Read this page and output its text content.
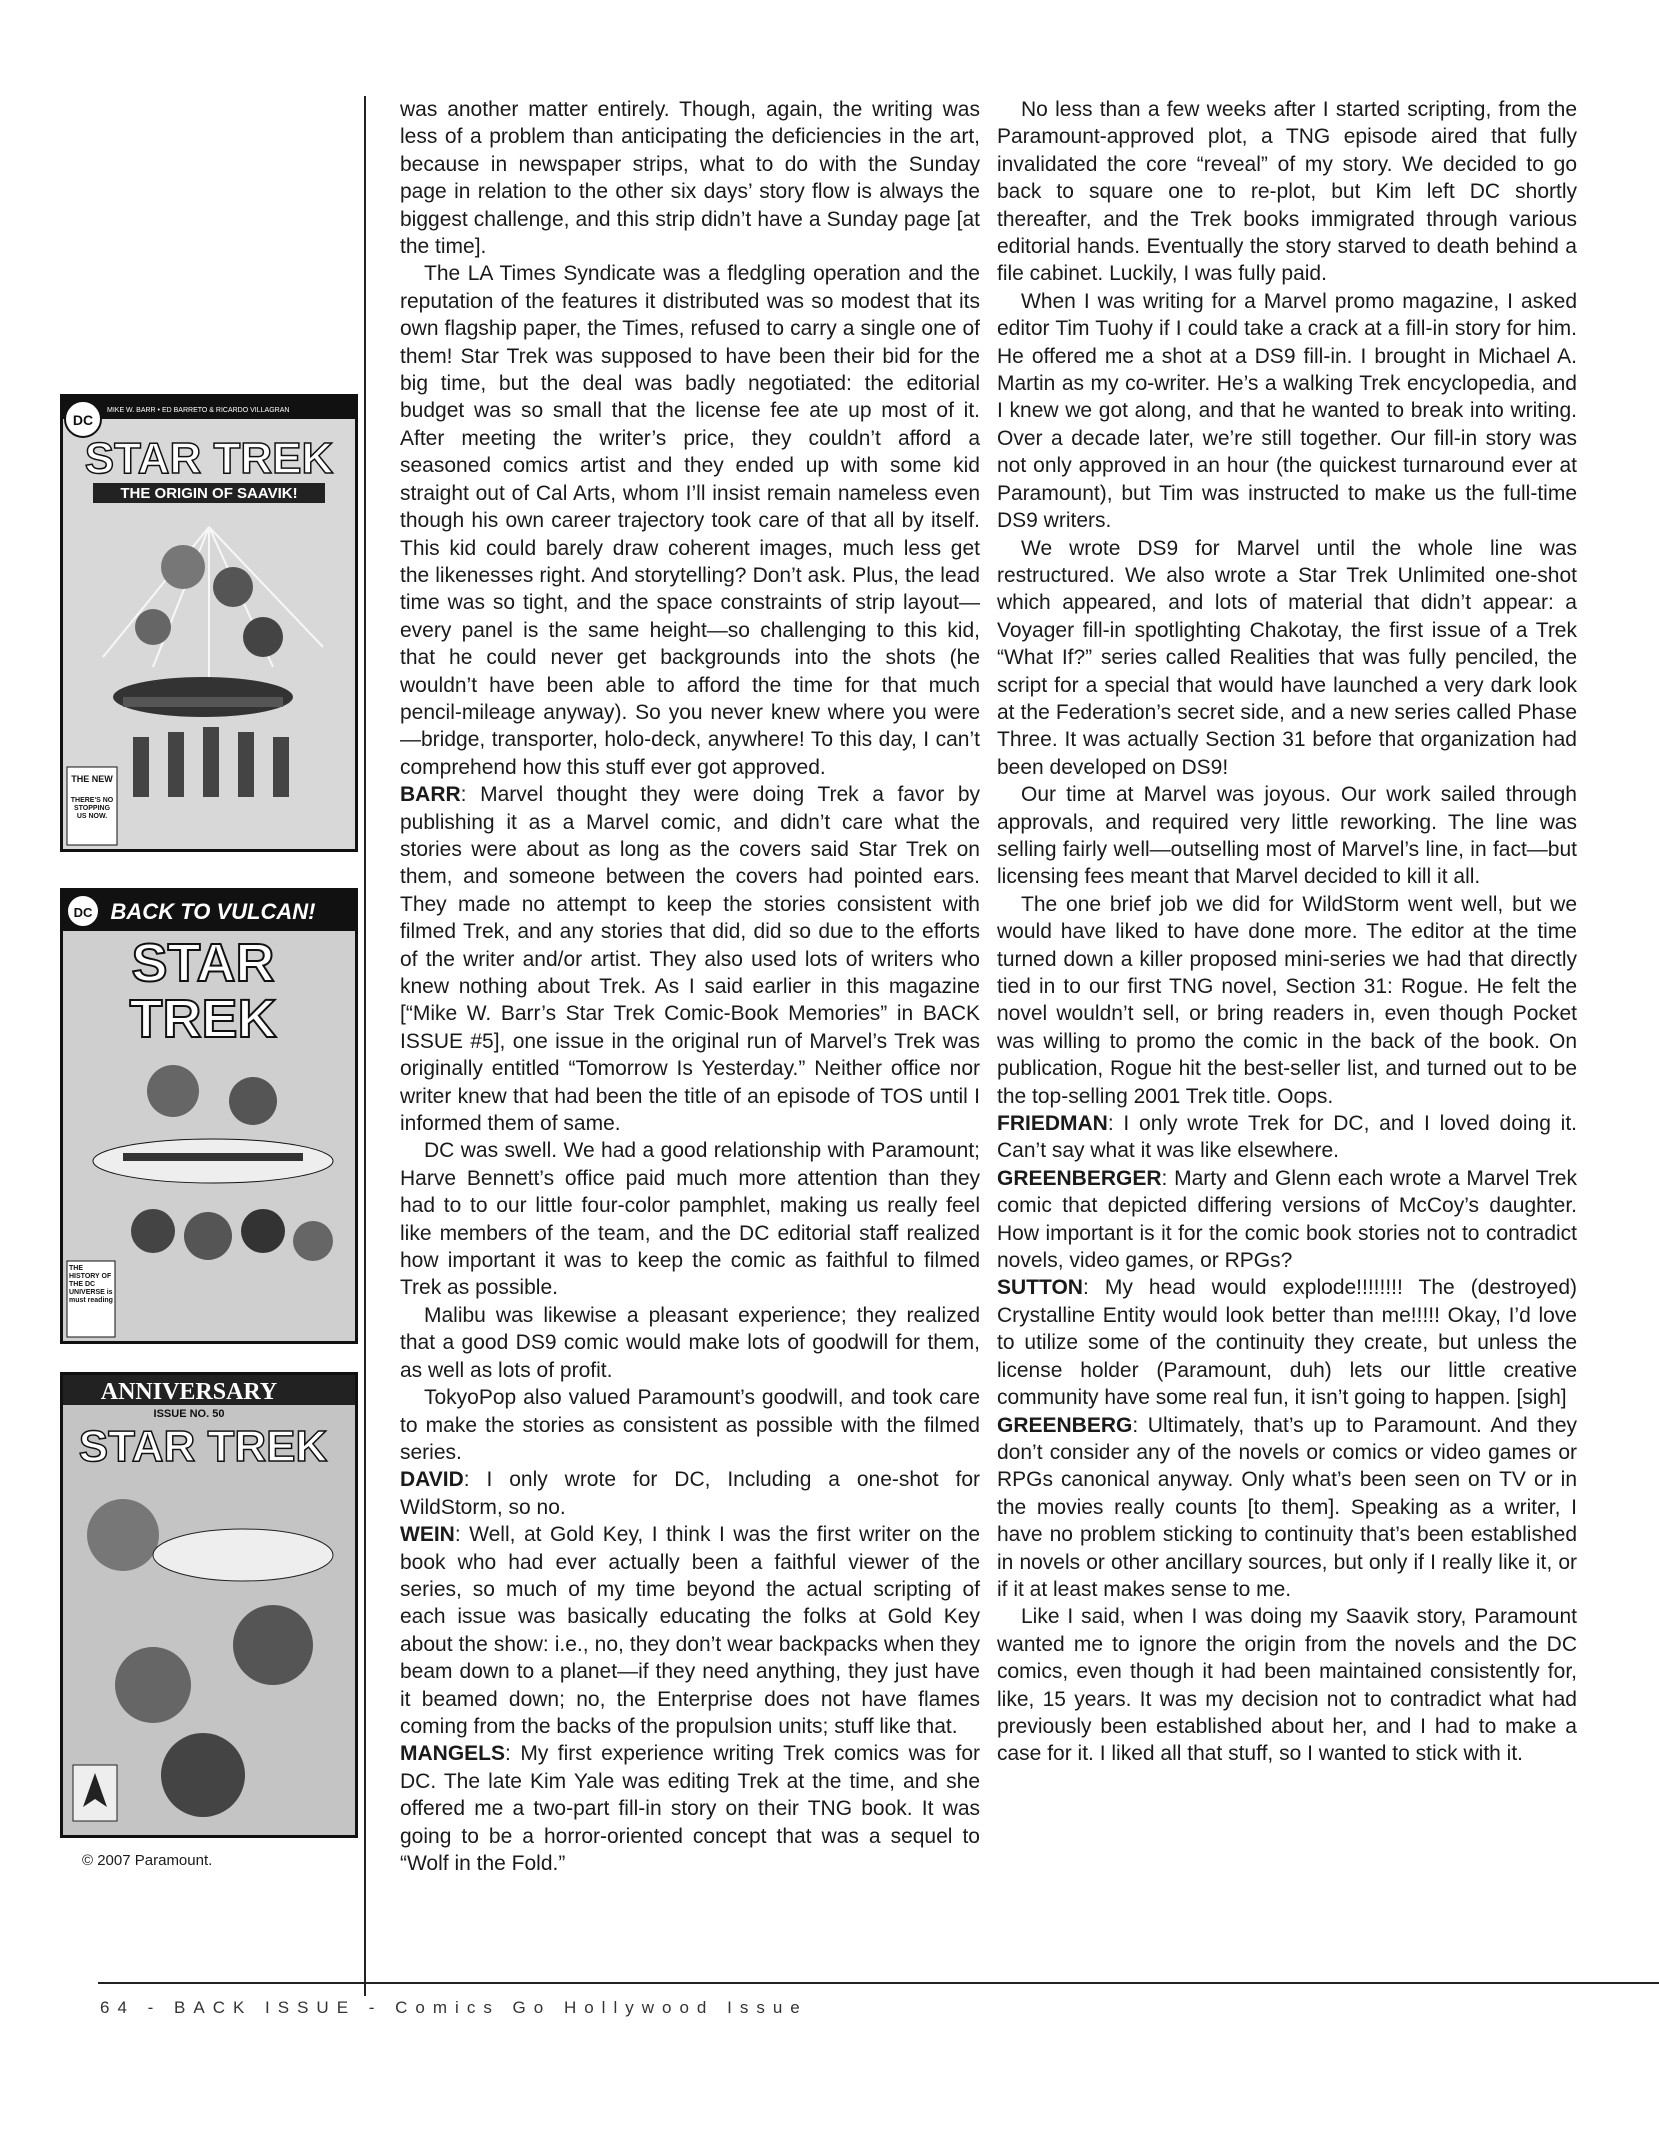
DC
MIKE W. BARR • ED BARRETO & RICARDO VILLAGRAN
STAR TREK
THE ORIGIN OF SAAVIK!
THE NEW
THERE'S NO STOPPING US NOW.
DC BACK TO VULCAN!
STAR
TREK
THE HISTORY OF THE DC UNIVERSE is must reading
ANNIVERSARY
ISSUE NO. 50
STAR TREK
© 2007 Paramount.

was another matter entirely. Though, again, the writing was less of a problem than anticipating the deficiencies in the art, because in newspaper strips, what to do with the Sunday page in relation to the other six days’ story flow is always the biggest challenge, and this strip didn’t have a Sunday page [at the time].

The LA Times Syndicate was a fledgling operation and the reputation of the features it distributed was so modest that its own flagship paper, the Times, refused to carry a single one of them! Star Trek was supposed to have been their bid for the big time, but the deal was badly negotiated: the editorial budget was so small that the license fee ate up most of it. After meeting the writer’s price, they couldn’t afford a seasoned comics artist and they ended up with some kid straight out of Cal Arts, whom I’ll insist remain nameless even though his own career trajectory took care of that all by itself. This kid could barely draw coherent images, much less get the likenesses right. And storytelling? Don’t ask. Plus, the lead time was so tight, and the space constraints of strip layout—every panel is the same height—so challenging to this kid, that he could never get backgrounds into the shots (he wouldn’t have been able to afford the time for that much pencil-mileage anyway). So you never knew where you were—bridge, transporter, holo-deck, anywhere! To this day, I can’t comprehend how this stuff ever got approved.

BARR: Marvel thought they were doing Trek a favor by publishing it as a Marvel comic, and didn’t care what the stories were about as long as the covers said Star Trek on them, and someone between the covers had pointed ears. They made no attempt to keep the stories consistent with filmed Trek, and any stories that did, did so due to the efforts of the writer and/or artist. They also used lots of writers who knew nothing about Trek. As I said earlier in this magazine [“Mike W. Barr’s Star Trek Comic-Book Memories” in BACK ISSUE #5], one issue in the original run of Marvel’s Trek was originally entitled “Tomorrow Is Yesterday.” Neither office nor writer knew that had been the title of an episode of TOS until I informed them of same.

DC was swell. We had a good relationship with Paramount; Harve Bennett’s office paid much more attention than they had to to our little four-color pamphlet, making us really feel like members of the team, and the DC editorial staff realized how important it was to keep the comic as faithful to filmed Trek as possible.

Malibu was likewise a pleasant experience; they realized that a good DS9 comic would make lots of goodwill for them, as well as lots of profit.

TokyoPop also valued Paramount’s goodwill, and took care to make the stories as consistent as possible with the filmed series.

DAVID: I only wrote for DC, Including a one-shot for WildStorm, so no.

WEIN: Well, at Gold Key, I think I was the first writer on the book who had ever actually been a faithful viewer of the series, so much of my time beyond the actual scripting of each issue was basically educating the folks at Gold Key about the show: i.e., no, they don’t wear backpacks when they beam down to a planet—if they need anything, they just have it beamed down; no, the Enterprise does not have flames coming from the backs of the propulsion units; stuff like that.

MANGELS: My first experience writing Trek comics was for DC. The late Kim Yale was editing Trek at the time, and she offered me a two-part fill-in story on their TNG book. It was going to be a horror-oriented concept that was a sequel to “Wolf in the Fold.”

No less than a few weeks after I started scripting, from the Paramount-approved plot, a TNG episode aired that fully invalidated the core “reveal” of my story. We decided to go back to square one to re-plot, but Kim left DC shortly thereafter, and the Trek books immigrated through various editorial hands. Eventually the story starved to death behind a file cabinet. Luckily, I was fully paid.

When I was writing for a Marvel promo magazine, I asked editor Tim Tuohy if I could take a crack at a fill-in story for him. He offered me a shot at a DS9 fill-in. I brought in Michael A. Martin as my co-writer. He’s a walking Trek encyclopedia, and I knew we got along, and that he wanted to break into writing. Over a decade later, we’re still together. Our fill-in story was not only approved in an hour (the quickest turnaround ever at Paramount), but Tim was instructed to make us the full-time DS9 writers.

We wrote DS9 for Marvel until the whole line was restructured. We also wrote a Star Trek Unlimited one-shot which appeared, and lots of material that didn’t appear: a Voyager fill-in spotlighting Chakotay, the first issue of a Trek “What If?” series called Realities that was fully penciled, the script for a special that would have launched a very dark look at the Federation’s secret side, and a new series called Phase Three. It was actually Section 31 before that organization had been developed on DS9!

Our time at Marvel was joyous. Our work sailed through approvals, and required very little reworking. The line was selling fairly well—outselling most of Marvel’s line, in fact—but licensing fees meant that Marvel decided to kill it all.

The one brief job we did for WildStorm went well, but we would have liked to have done more. The editor at the time turned down a killer proposed mini-series we had that directly tied in to our first TNG novel, Section 31: Rogue. He felt the novel wouldn’t sell, or bring readers in, even though Pocket was willing to promo the comic in the back of the book. On publication, Rogue hit the best-seller list, and turned out to be the top-selling 2001 Trek title. Oops.

FRIEDMAN: I only wrote Trek for DC, and I loved doing it. Can’t say what it was like elsewhere.

GREENBERGER: Marty and Glenn each wrote a Marvel Trek comic that depicted differing versions of McCoy’s daughter. How important is it for the comic book stories not to contradict novels, video games, or RPGs?

SUTTON: My head would explode!!!!!!!! The (destroyed) Crystalline Entity would look better than me!!!!! Okay, I’d love to utilize some of the continuity they create, but unless the license holder (Paramount, duh) lets our little creative community have some real fun, it isn’t going to happen. [sigh]

GREENBERG: Ultimately, that’s up to Paramount. And they don’t consider any of the novels or comics or video games or RPGs canonical anyway. Only what’s been seen on TV or in the movies really counts [to them]. Speaking as a writer, I have no problem sticking to continuity that’s been established in novels or other ancillary sources, but only if I really like it, or if it at least makes sense to me.

Like I said, when I was doing my Saavik story, Paramount wanted me to ignore the origin from the novels and the DC comics, even though it had been maintained consistently for, like, 15 years. It was my decision not to contradict what had previously been established about her, and I had to make a case for it. I liked all that stuff, so I wanted to stick with it.

64 - BACK ISSUE - Comics Go Hollywood Issue
